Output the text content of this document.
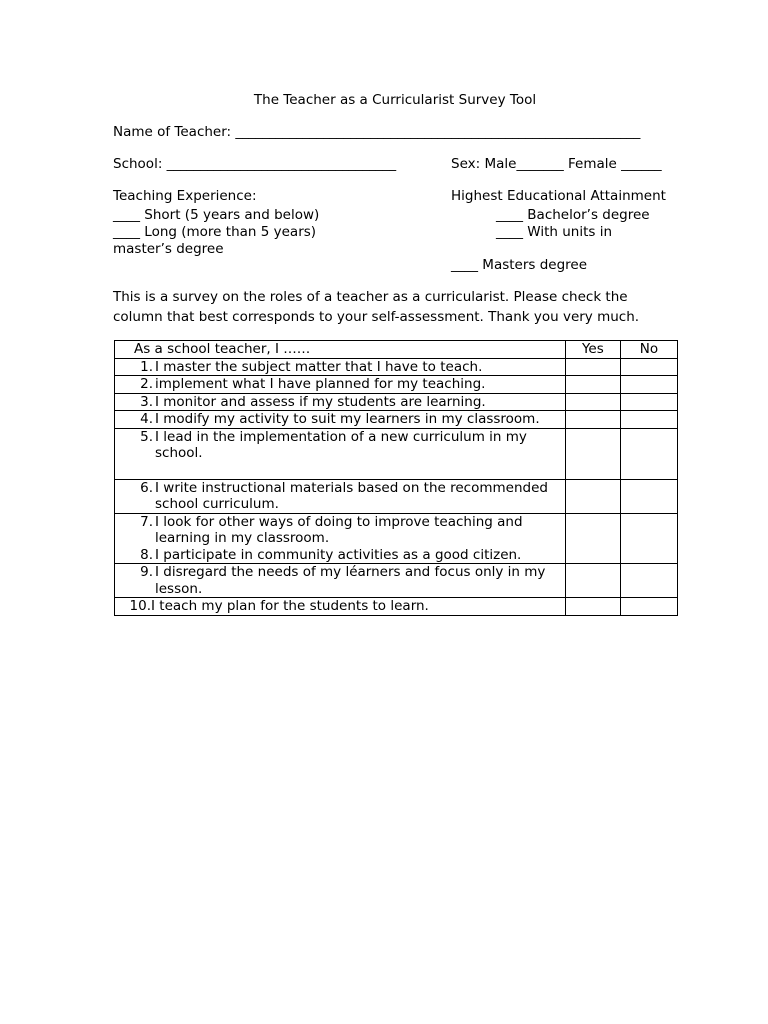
The Teacher as a Curricularist Survey Tool
Name of Teacher: ____________________________________________________________
School: __________________________________	Sex: Male_______ Female ______
Teaching Experience:
____ Short (5 years and below)
____ Long (more than 5 years)
master’s degree
Highest Educational Attainment
____ Bachelor’s degree
____ With units in
____ Masters degree
This is a survey on the roles of a teacher as a curricularist. Please check the
column that best corresponds to your self-assessment. Thank you very much.
As a school teacher, I ……	Yes	No

1. I master the subject matter that I have to teach.		

2. implement what I have planned for my teaching.		

3. I monitor and assess if my students are learning.		

4. I modify my activity to suit my learners in my classroom.		

5. I lead in the implementation of a new curriculum in my
school.		

6. I write instructional materials based on the recommended
school curriculum.		

7. I look for other ways of doing to improve teaching and
learning in my classroom.
8. I participate in community activities as a good citizen.		

9. I disregard the needs of my léarners and focus only in my
lesson.		

10. I teach my plan for the students to learn.		
